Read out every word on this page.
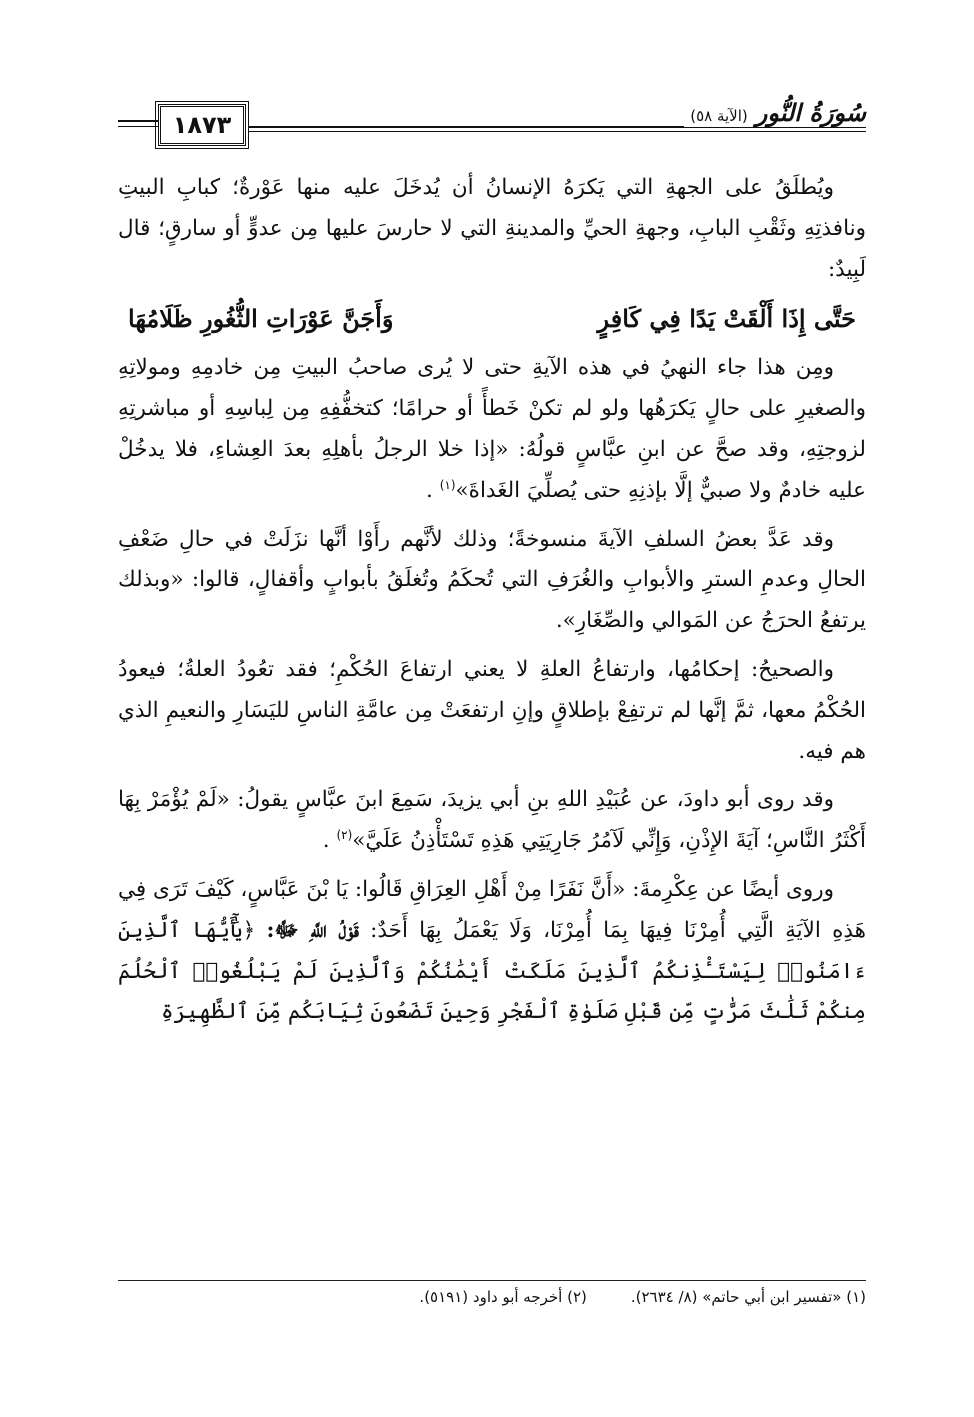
١٨٧٣	سُورَةُ النُّور
(الآية ٥٨)

ويُطلَقُ على الجهةِ التي يَكرَهُ الإنسانُ أن يُدخَلَ عليه منها عَوْرةٌ؛ كبابِ البيتِ ونافذتِهِ وثَقْبِ البابِ، وجهةِ الحيِّ والمدينةِ التي لا حارسَ عليها مِن عدوٍّ أو سارقٍ؛ قال لَبِيدٌ:

حَتَّى إِذَا أَلْقَتْ يَدًا فِي كَافِرٍ
وَأَجَنَّ عَوْرَاتِ الثُّغُورِ ظَلَامُهَا

ومِن هذا جاء النهيُ في هذه الآيةِ حتى لا يُرى صاحبُ البيتِ مِن خادمِهِ ومولاتِهِ والصغيرِ على حالٍ يَكرَهُها ولو لم تكنْ خَطأً أو حرامًا؛ كتخفُّفِهِ مِن لِباسِهِ أو مباشرتِهِ لزوجتِهِ، وقد صحَّ عن ابنِ عبَّاسٍ قولُهُ: «إذا خلا الرجلُ بأهلِهِ بعدَ العِشاءِ، فلا يدخُلْ عليه خادمٌ ولا صبيٌّ إلَّا بإذنِهِ حتى يُصلِّيَ الغَداةَ»$^{(١)}$ .

وقد عَدَّ بعضُ السلفِ الآيةَ منسوخةً؛ وذلك لأنَّهم رأَوْا أنَّها نزَلَتْ في حالِ ضَعْفِ الحالِ وعدمِ السترِ والأبوابِ والغُرَفِ التي تُحكَمُ وتُغلَقُ بأبوابٍ وأقفالٍ، قالوا: «وبذلك يرتفعُ الحرَجُ عن المَوالي والصِّغَارِ».

والصحيحُ: إحكامُها، وارتفاعُ العلةِ لا يعني ارتفاعَ الحُكْمِ؛ فقد تعُودُ العلةُ؛ فيعودُ الحُكْمُ معها، ثمَّ إنَّها لم ترتفِعْ بإطلاقٍ وإنِ ارتفعَتْ مِن عامَّةِ الناسِ لليَسَارِ والنعيمِ الذي هم فيه.

وقد روى أبو داودَ، عن عُبَيْدِ اللهِ بنِ أبي يزيدَ، سَمِعَ ابنَ عبَّاسٍ يقولُ: «لَمْ يُؤْمَرْ بِهَا أَكْثَرُ النَّاسِ؛ آيَةَ الإِذْنِ، وَإِنِّي لَآمُرُ جَارِيَتِي هَذِهِ تَسْتَأْذِنُ عَلَيَّ»$^{(٢)}$ .

وروى أيضًا عن عِكْرِمةَ: «أَنَّ نَفَرًا مِنْ أَهْلِ العِرَاقِ قَالُوا: يَا بْنَ عَبَّاسٍ، كَيْفَ تَرَى فِي هَذِهِ الآيَةِ الَّتِي أُمِرْنَا فِيهَا بِمَا أُمِرْنَا، وَلَا يَعْمَلُ بِهَا أَحَدٌ: قَوْلُ اللَّهِ ﷻ: ﴿يَٰٓأَيُّهَا ٱلَّذِينَ ءَامَنُوا۟ لِيَسْتَـْٔذِنكُمُ ٱلَّذِينَ مَلَكَتْ أَيْمَٰنُكُمْ وَٱلَّذِينَ لَمْ يَبْلُغُوا۟ ٱلْحُلُمَ مِنكُمْ ثَلَٰثَ مَرَّٰتٍ مِّن قَبْلِ صَلَوٰةِ ٱلْفَجْرِ وَحِينَ تَضَعُونَ ثِيَابَكُم مِّنَ ٱلظَّهِيرَةِ

(١) «تفسير ابن أبي حاتم» (٨/ ٢٦٣٤).
(٢) أخرجه أبو داود (٥١٩١).
